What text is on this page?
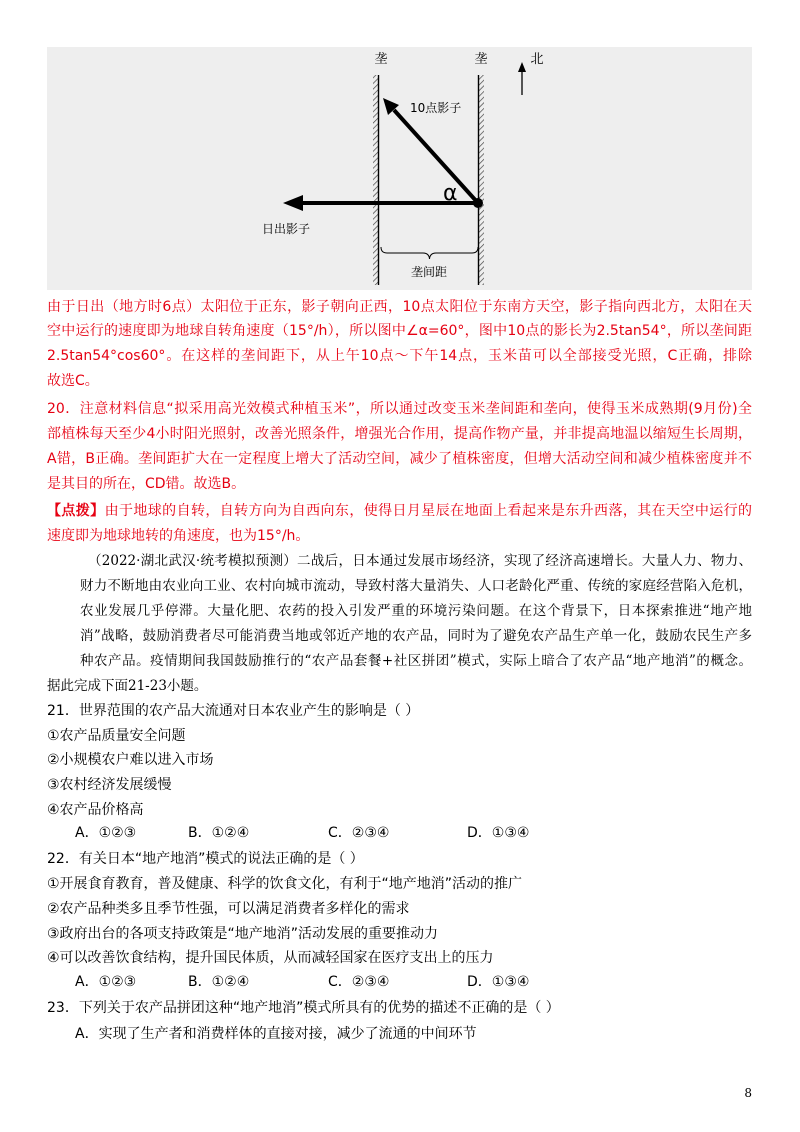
垄	垄	北
10点影子
日出影子
α
垄间距
由于日出（地方时6点）太阳位于正东，影子朝向正西，10点太阳位于东南方天空，影子指向西北方，太阳在天
空中运行的速度即为地球自转角速度（15°/h），所以图中∠α=60°，图中10点的影长为2.5tan54°，所以垄间距
2.5tan54°cos60°。在这样的垄间距下，从上午10点～下午14点，玉米苗可以全部接受光照，C正确，排除
故选C。
20．注意材料信息“拟采用高光效模式种植玉米”，所以通过改变玉米垄间距和垄向，使得玉米成熟期(9月份)全
部植株每天至少4小时阳光照射，改善光照条件，增强光合作用，提高作物产量，并非提高地温以缩短生长周期，
A错，B正确。垄间距扩大在一定程度上增大了活动空间，减少了植株密度，但增大活动空间和减少植株密度并不
是其目的所在，CD错。故选B。
【点拨】由于地球的自转，自转方向为自西向东，使得日月星辰在地面上看起来是东升西落，其在天空中运行的
速度即为地球地转的角速度，也为15°/h。
（2022·湖北武汉·统考模拟预测）二战后，日本通过发展市场经济，实现了经济高速增长。大量人力、物力、
财力不断地由农业向工业、农村向城市流动，导致村落大量消失、人口老龄化严重、传统的家庭经营陷入危机，
农业发展几乎停滞。大量化肥、农药的投入引发严重的环境污染问题。在这个背景下，日本探索推进“地产地
消”战略，鼓励消费者尽可能消费当地或邻近产地的农产品，同时为了避免农产品生产单一化，鼓励农民生产多
种农产品。疫情期间我国鼓励推行的“农产品套餐+社区拼团”模式，实际上暗合了农产品“地产地消”的概念。
据此完成下面21-23小题。
21．世界范围的农产品大流通对日本农业产生的影响是（ ）
①农产品质量安全问题
②小规模农户难以进入市场
③农村经济发展缓慢
④农产品价格高
A．①②③	B．①②④	C．②③④	D．①③④
22．有关日本“地产地消”模式的说法正确的是（ ）
①开展食育教育，普及健康、科学的饮食文化，有利于“地产地消”活动的推广
②农产品种类多且季节性强，可以满足消费者多样化的需求
③政府出台的各项支持政策是“地产地消”活动发展的重要推动力
④可以改善饮食结构，提升国民体质，从而减轻国家在医疗支出上的压力
A．①②③	B．①②④	C．②③④	D．①③④
23．下列关于农产品拼团这种“地产地消”模式所具有的优势的描述不正确的是（ ）
A．实现了生产者和消费样体的直接对接，减少了流通的中间环节
8
